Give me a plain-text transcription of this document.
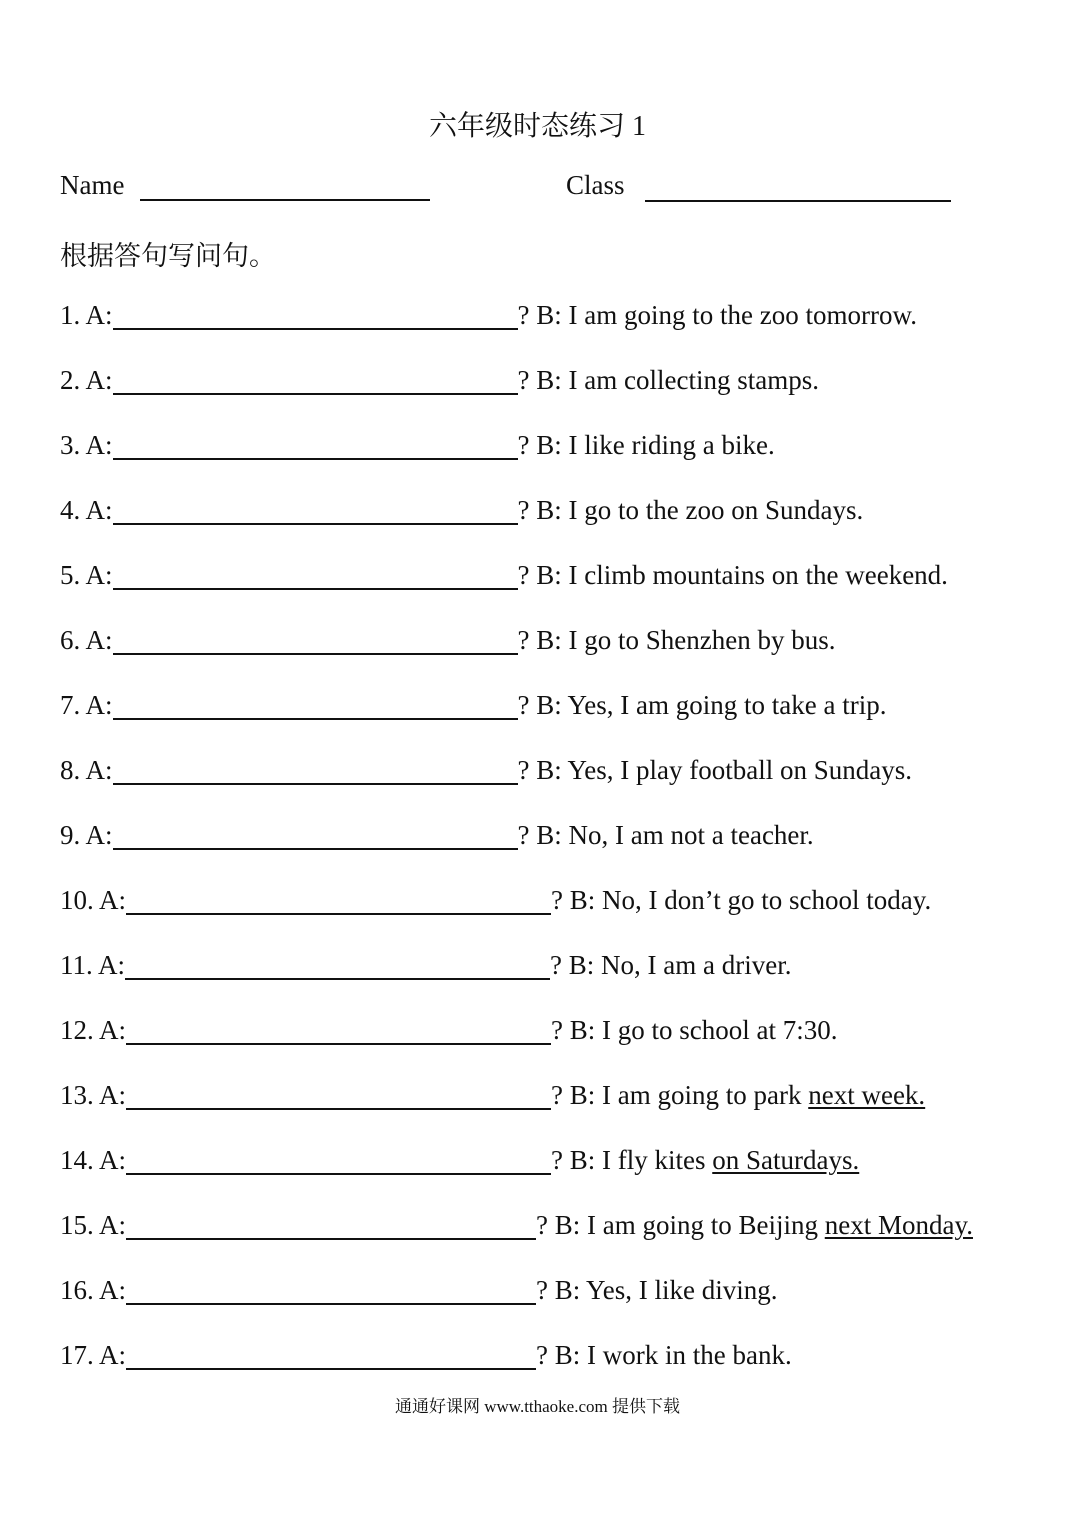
六年级时态练习 1
Name	Class
根据答句写问句。
1. A:	? B: I am going to the zoo tomorrow.
2. A:	? B: I am collecting stamps.
3. A:	? B: I like riding a bike.
4. A:	? B: I go to the zoo on Sundays.
5. A:	? B: I climb mountains on the weekend.
6. A:	? B: I go to Shenzhen by bus.
7. A:	? B: Yes, I am going to take a trip.
8. A:	? B: Yes, I play football on Sundays.
9. A:	? B: No, I am not a teacher.
10. A:	? B: No, I don’t go to school today.
11. A:	? B: No, I am a driver.
12. A:	? B: I go to school at 7:30.
13. A:	? B: I am going to park next week.
14. A:	? B: I fly kites on Saturdays.
15. A:	? B: I am going to Beijing next Monday.
16. A:	? B: Yes, I like diving.
17. A:	? B: I work in the bank.
通通好课网 www.tthaoke.com 提供下载
